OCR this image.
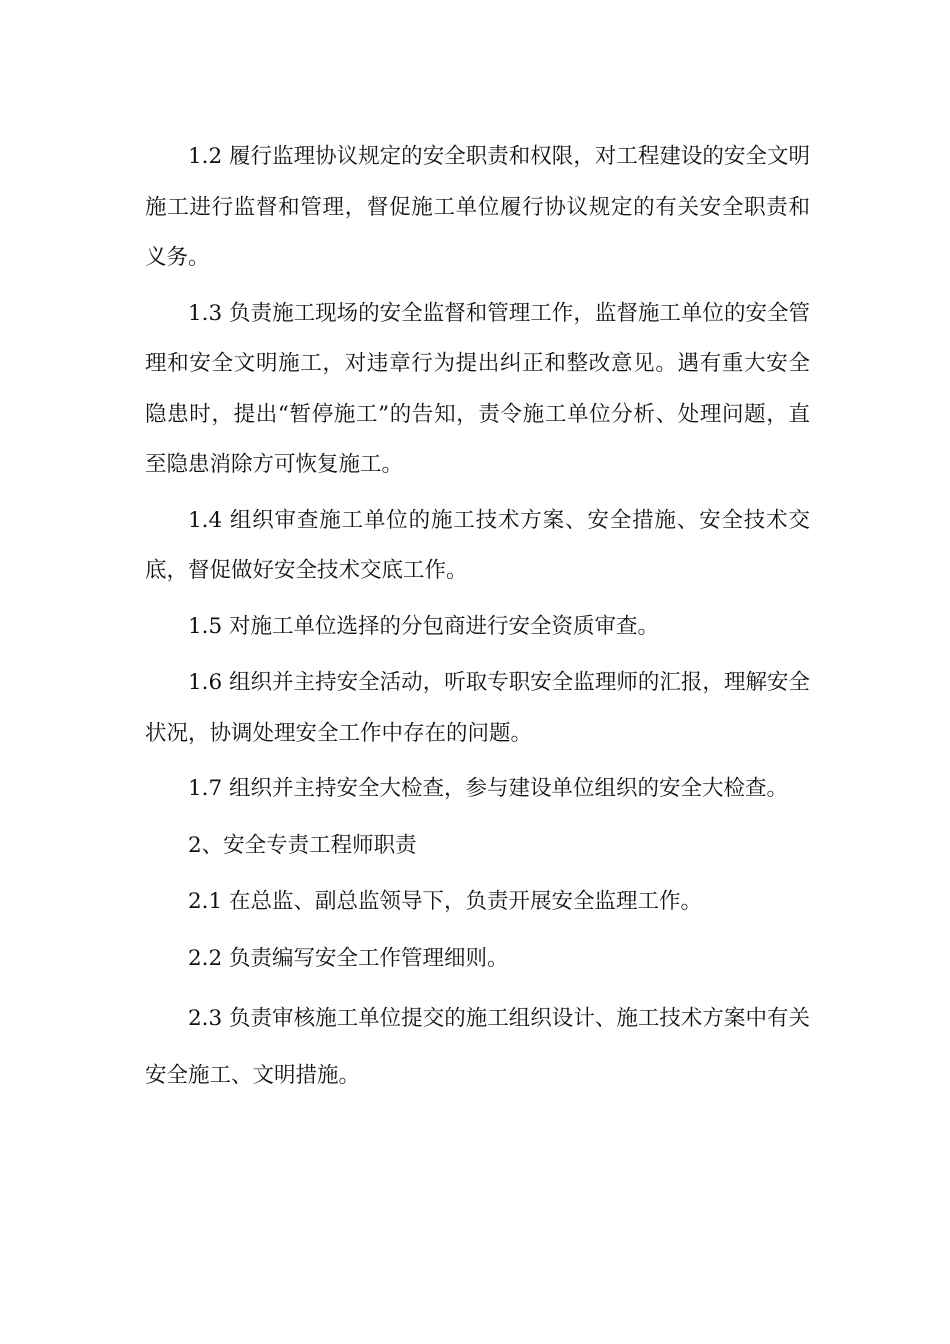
1.2 履行监理协议规定的安全职责和权限，对工程建设的安全文明施工进行监督和管理，督促施工单位履行协议规定的有关安全职责和义务。

1.3 负责施工现场的安全监督和管理工作，监督施工单位的安全管理和安全文明施工，对违章行为提出纠正和整改意见。遇有重大安全隐患时，提出“暂停施工”的告知，责令施工单位分析、处理问题，直至隐患消除方可恢复施工。

1.4 组织审查施工单位的施工技术方案、安全措施、安全技术交底，督促做好安全技术交底工作。

1.5 对施工单位选择的分包商进行安全资质审查。

1.6 组织并主持安全活动，听取专职安全监理师的汇报，理解安全状况，协调处理安全工作中存在的问题。

1.7 组织并主持安全大检查，参与建设单位组织的安全大检查。

2、安全专责工程师职责

2.1 在总监、副总监领导下，负责开展安全监理工作。

2.2 负责编写安全工作管理细则。

2.3 负责审核施工单位提交的施工组织设计、施工技术方案中有关安全施工、文明措施。
